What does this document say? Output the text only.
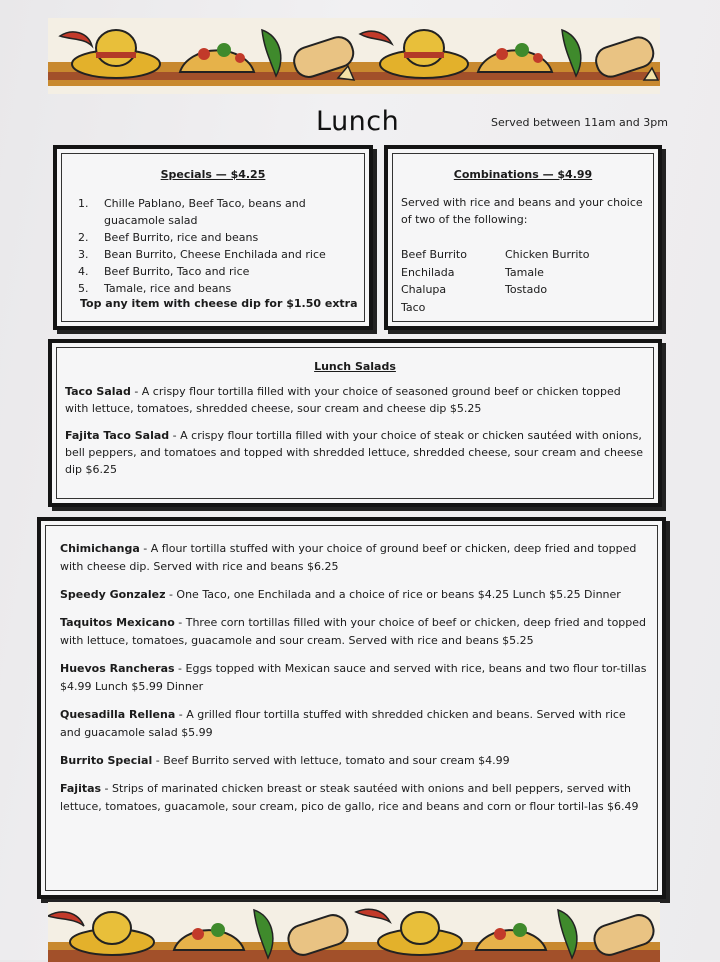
Lunch	Served between 11am and 3pm
Specials — $4.25
1.	Chille Pablano, Beef Taco, beans and guacamole salad
2.	Beef Burrito, rice and beans
3.	Bean Burrito, Cheese Enchilada and rice
4.	Beef Burrito, Taco and rice
5.	Tamale, rice and beans
Top any item with cheese dip for $1.50 extra
Combinations — $4.99
Served with rice and beans and your choice of two of the following:
Beef Burrito	Chicken Burrito
Enchilada	Tamale
Chalupa	Tostado
Taco
Lunch Salads

Taco Salad - A crispy flour tortilla filled with your choice of seasoned ground beef or chicken topped with lettuce, tomatoes, shredded cheese, sour cream and cheese dip $5.25

Fajita Taco Salad - A crispy flour tortilla filled with your choice of steak or chicken sautéed with onions, bell peppers, and tomatoes and topped with shredded lettuce, shredded cheese, sour cream and cheese dip $6.25

Chimichanga - A flour tortilla stuffed with your choice of ground beef or chicken, deep fried and topped with cheese dip. Served with rice and beans $6.25

Speedy Gonzalez - One Taco, one Enchilada and a choice of rice or beans $4.25 Lunch $5.25 Dinner

Taquitos Mexicano - Three corn tortillas filled with your choice of beef or chicken, deep fried and topped with lettuce, tomatoes, guacamole and sour cream. Served with rice and beans $5.25

Huevos Rancheras - Eggs topped with Mexican sauce and served with rice, beans and two flour tor-tillas $4.99 Lunch $5.99 Dinner

Quesadilla Rellena - A grilled flour tortilla stuffed with shredded chicken and beans. Served with rice and guacamole salad $5.99

Burrito Special - Beef Burrito served with lettuce, tomato and sour cream $4.99

Fajitas - Strips of marinated chicken breast or steak sautéed with onions and bell peppers, served with lettuce, tomatoes, guacamole, sour cream, pico de gallo, rice and beans and corn or flour tortil-las $6.49
